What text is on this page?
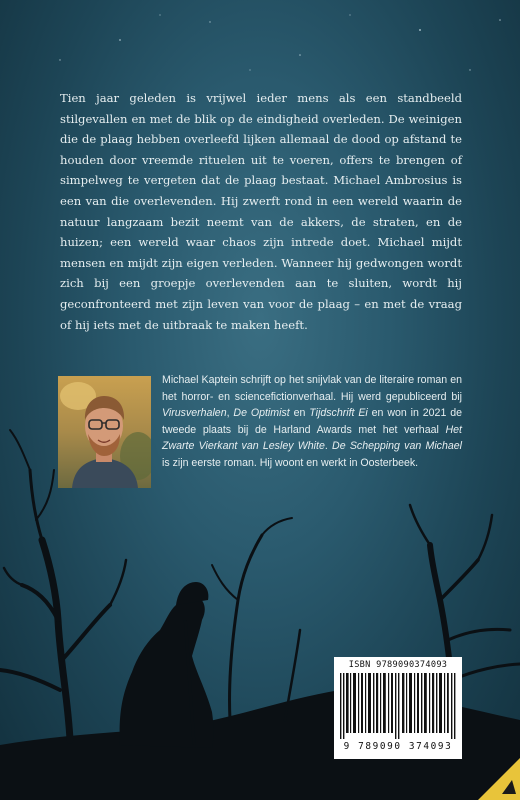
Tien jaar geleden is vrijwel ieder mens als een standbeeld stilgevallen en met de blik op de eindigheid overleden. De weinigen die de plaag hebben overleefd lijken allemaal de dood op afstand te houden door vreemde rituelen uit te voeren, offers te brengen of simpelweg te vergeten dat de plaag bestaat. Michael Ambrosius is een van die overlevenden. Hij zwerft rond in een wereld waarin de natuur langzaam bezit neemt van de akkers, de straten, en de huizen; een wereld waar chaos zijn intrede doet. Michael mijdt mensen en mijdt zijn eigen verleden. Wanneer hij gedwongen wordt zich bij een groepje overlevenden aan te sluiten, wordt hij geconfronteerd met zijn leven van voor de plaag – en met de vraag of hij iets met de uitbraak te maken heeft.
Michael Kaptein schrijft op het snijvlak van de literaire roman en het horror- en sciencefictionverhaal. Hij werd gepubliceerd bij Virusverhalen, De Optimist en Tijdschrift Ei en won in 2021 de tweede plaats bij de Harland Awards met het verhaal Het Zwarte Vierkant van Lesley White. De Schepping van Michael is zijn eerste roman. Hij woont en werkt in Oosterbeek.
ISBN 9789090374093
9 789090 374093
